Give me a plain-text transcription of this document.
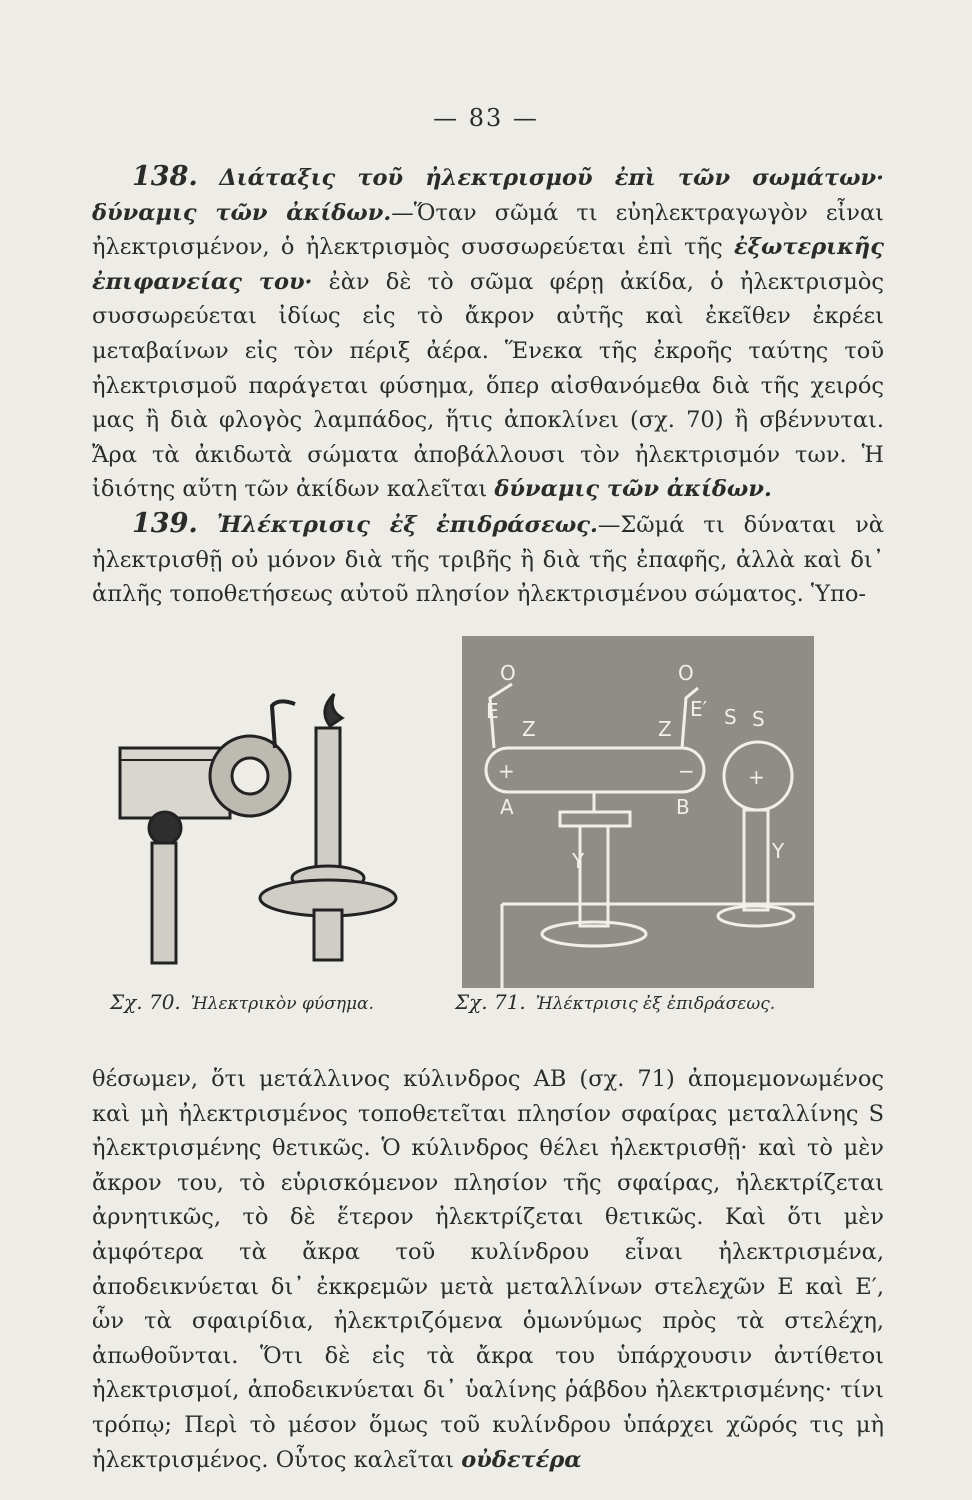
— 83 —

138. Διάταξις τοῦ ἠλεκτρισμοῦ ἐπὶ τῶν σωμάτων· δύναμις τῶν ἀκίδων.—Ὅταν σῶμά τι εὐηλεκτραγωγὸν εἶναι ἠλεκτρισμένον, ὁ ἠλεκτρισμὸς συσσωρεύεται ἐπὶ τῆς ἐξωτερικῆς ἐπιφανείας του· ἐὰν δὲ τὸ σῶμα φέρῃ ἀκίδα, ὁ ἠλεκτρισμὸς συσσωρεύεται ἰδίως εἰς τὸ ἄκρον αὐτῆς καὶ ἐκεῖθεν ἐκρέει μεταβαίνων εἰς τὸν πέριξ ἀέρα. Ἕνεκα τῆς ἐκροῆς ταύτης τοῦ ἠλεκτρισμοῦ παράγεται φύσημα, ὅπερ αἰσθανόμεθα διὰ τῆς χειρός μας ἢ διὰ φλογὸς λαμπάδος, ἥτις ἀποκλίνει (σχ. 70) ἢ σβέννυται. Ἄρα τὰ ἀκιδωτὰ σώματα ἀποβάλλουσι τὸν ἠλεκτρισμόν των. Ἡ ἰδιότης αὕτη τῶν ἀκίδων καλεῖται δύναμις τῶν ἀκίδων.

139. Ἠλέκτρισις ἐξ ἐπιδράσεως.—Σῶμά τι δύναται νὰ ἠλεκτρισθῇ οὐ μόνον διὰ τῆς τριβῆς ἢ διὰ τῆς ἐπαφῆς, ἀλλὰ καὶ δι᾿ ἁπλῆς τοποθετήσεως αὐτοῦ πλησίον ἠλεκτρισμένου σώματος. Ὑπο-

+	−	+
A	B
Y	Y
Z	Z
E	E′
O	O
S
S
Σχ. 70. Ἠλεκτρικὸν φύσημα.	Σχ. 71. Ἠλέκτρισις ἐξ ἐπιδράσεως.

θέσωμεν, ὅτι μετάλλινος κύλινδρος ΑΒ (σχ. 71) ἀπομεμονωμένος καὶ μὴ ἠλεκτρισμένος τοποθετεῖται πλησίον σφαίρας μεταλλίνης S ἠλεκτρισμένης θετικῶς. Ὁ κύλινδρος θέλει ἠλεκτρισθῇ· καὶ τὸ μὲν ἄκρον του, τὸ εὑρισκόμενον πλησίον τῆς σφαίρας, ἠλεκτρίζεται ἀρνητικῶς, τὸ δὲ ἕτερον ἠλεκτρίζεται θετικῶς. Καὶ ὅτι μὲν ἀμφότερα τὰ ἄκρα τοῦ κυλίνδρου εἶναι ἠλεκτρισμένα, ἀποδεικνύεται δι᾿ ἐκκρεμῶν μετὰ μεταλλίνων στελεχῶν Ε καὶ Ε′, ὧν τὰ σφαιρίδια, ἠλεκτριζόμενα ὁμωνύμως πρὸς τὰ στελέχη, ἀπωθοῦνται. Ὅτι δὲ εἰς τὰ ἄκρα του ὑπάρχουσιν ἀντίθετοι ἠλεκτρισμοί, ἀποδεικνύεται δι᾿ ὑαλίνης ῥάβδου ἠλεκτρισμένης· τίνι τρόπῳ; Περὶ τὸ μέσον ὅμως τοῦ κυλίνδρου ὑπάρχει χῶρός τις μὴ ἠλεκτρισμένος. Οὗτος καλεῖται οὐδετέρα
